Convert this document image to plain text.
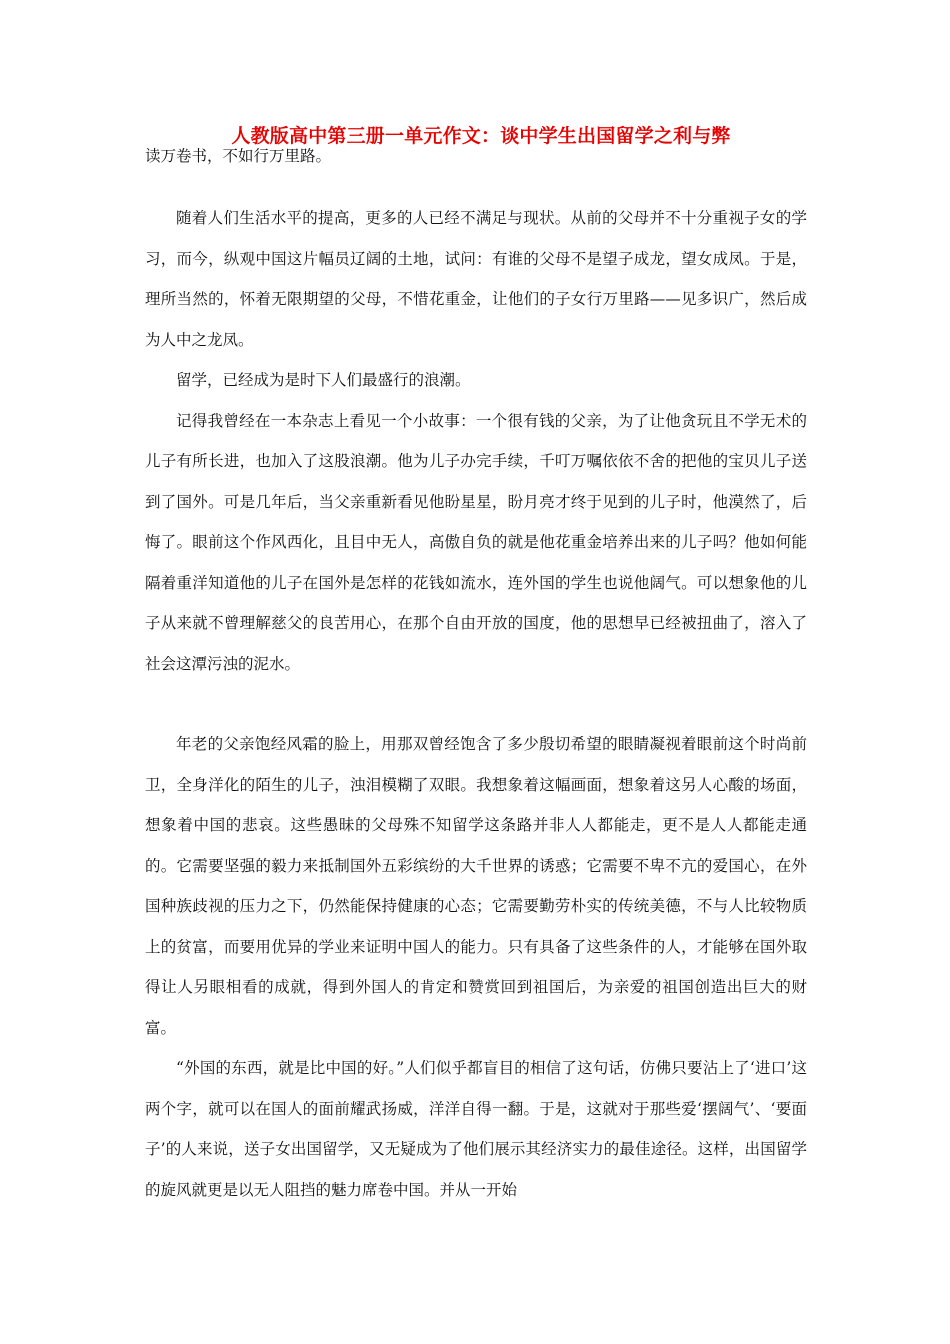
人教版高中第三册一单元作文：谈中学生出国留学之利与弊

读万卷书，不如行万里路。

随着人们生活水平的提高，更多的人已经不满足与现状。从前的父母并不十分重视子女的学习，而今，纵观中国这片幅员辽阔的土地，试问：有谁的父母不是望子成龙，望女成凤。于是，理所当然的，怀着无限期望的父母，不惜花重金，让他们的子女行万里路——见多识广，然后成为人中之龙凤。

留学，已经成为是时下人们最盛行的浪潮。

记得我曾经在一本杂志上看见一个小故事：一个很有钱的父亲，为了让他贪玩且不学无术的儿子有所长进，也加入了这股浪潮。他为儿子办完手续，千叮万嘱依依不舍的把他的宝贝儿子送到了国外。可是几年后，当父亲重新看见他盼星星，盼月亮才终于见到的儿子时，他漠然了，后悔了。眼前这个作风西化，且目中无人，高傲自负的就是他花重金培养出来的儿子吗？他如何能隔着重洋知道他的儿子在国外是怎样的花钱如流水，连外国的学生也说他阔气。可以想象他的儿子从来就不曾理解慈父的良苦用心，在那个自由开放的国度，他的思想早已经被扭曲了，溶入了社会这潭污浊的泥水。

年老的父亲饱经风霜的脸上，用那双曾经饱含了多少殷切希望的眼睛凝视着眼前这个时尚前卫，全身洋化的陌生的儿子，浊泪模糊了双眼。我想象着这幅画面，想象着这另人心酸的场面，想象着中国的悲哀。这些愚昧的父母殊不知留学这条路并非人人都能走，更不是人人都能走通的。它需要坚强的毅力来抵制国外五彩缤纷的大千世界的诱惑；它需要不卑不亢的爱国心，在外国种族歧视的压力之下，仍然能保持健康的心态；它需要勤劳朴实的传统美德，不与人比较物质上的贫富，而要用优异的学业来证明中国人的能力。只有具备了这些条件的人，才能够在国外取得让人另眼相看的成就，得到外国人的肯定和赞赏回到祖国后，为亲爱的祖国创造出巨大的财富。

“外国的东西，就是比中国的好。”人们似乎都盲目的相信了这句话，仿佛只要沾上了‘进口’这两个字，就可以在国人的面前耀武扬威，洋洋自得一翻。于是，这就对于那些爱‘摆阔气’、‘要面子’的人来说，送子女出国留学，又无疑成为了他们展示其经济实力的最佳途径。这样，出国留学的旋风就更是以无人阻挡的魅力席卷中国。并从一开始
